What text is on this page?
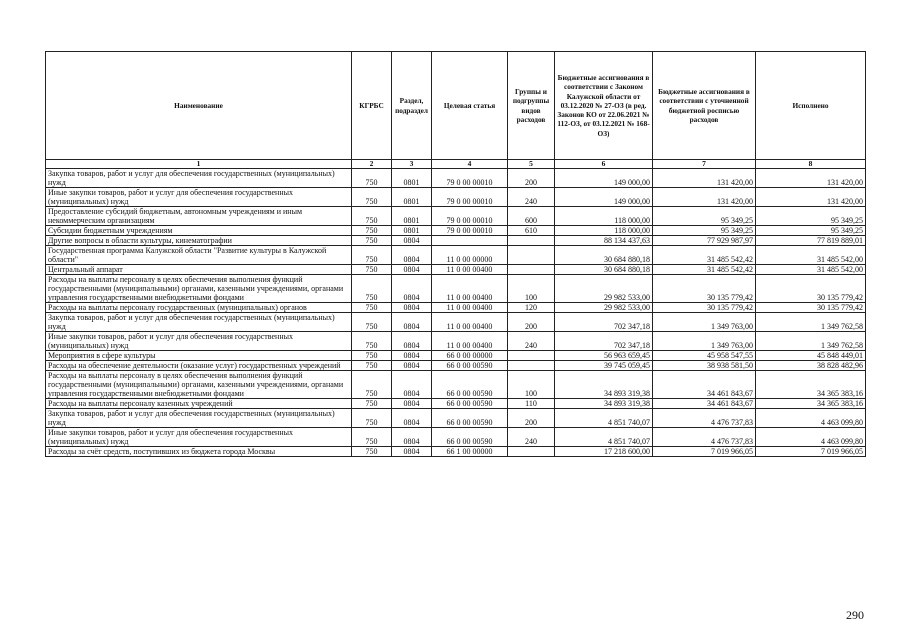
Наименование	КГРБС	Раздел, подраздел	Целевая статья	Группы и подгруппы видов расходов	Бюджетные ассигнования в соответствии с Законом Калужской области от 03.12.2020 № 27-ОЗ (в ред. Законов КО от 22.06.2021 № 112-ОЗ, от 03.12.2021 № 168-ОЗ)	Бюджетные ассигнования в соответствии с уточненной бюджетной росписью расходов	Исполнено
1	2	3	4	5	6	7	8
Закупка товаров, работ и услуг для обеспечения государственных (муниципальных) нужд	750	0801	79 0 00 00010	200	149 000,00	131 420,00	131 420,00
Иные закупки товаров, работ и услуг для обеспечения государственных (муниципальных) нужд	750	0801	79 0 00 00010	240	149 000,00	131 420,00	131 420,00
Предоставление субсидий бюджетным, автономным учреждениям и иным некоммерческим организациям	750	0801	79 0 00 00010	600	118 000,00	95 349,25	95 349,25
Субсидии бюджетным учреждениям	750	0801	79 0 00 00010	610	118 000,00	95 349,25	95 349,25
Другие вопросы в области культуры, кинематографии	750	0804			88 134 437,63	77 929 987,97	77 819 889,01
Государственная программа Калужской области "Развитие культуры в Калужской области"	750	0804	11 0 00 00000		30 684 880,18	31 485 542,42	31 485 542,00
Центральный аппарат	750	0804	11 0 00 00400		30 684 880,18	31 485 542,42	31 485 542,00
Расходы на выплаты персоналу в целях обеспечения выполнения функций государственными (муниципальными) органами, казенными учреждениями, органами управления государственными внебюджетными фондами	750	0804	11 0 00 00400	100	29 982 533,00	30 135 779,42	30 135 779,42
Расходы на выплаты персоналу государственных (муниципальных) органов	750	0804	11 0 00 00400	120	29 982 533,00	30 135 779,42	30 135 779,42
Закупка товаров, работ и услуг для обеспечения государственных (муниципальных) нужд	750	0804	11 0 00 00400	200	702 347,18	1 349 763,00	1 349 762,58
Иные закупки товаров, работ и услуг для обеспечения государственных (муниципальных) нужд	750	0804	11 0 00 00400	240	702 347,18	1 349 763,00	1 349 762,58
Мероприятия в сфере культуры	750	0804	66 0 00 00000		56 963 659,45	45 958 547,55	45 848 449,01
Расходы на обеспечение деятельности (оказание услуг) государственных учреждений	750	0804	66 0 00 00590		39 745 059,45	38 938 581,50	38 828 482,96
Расходы на выплаты персоналу в целях обеспечения выполнения функций государственными (муниципальными) органами, казенными учреждениями, органами управления государственными внебюджетными фондами	750	0804	66 0 00 00590	100	34 893 319,38	34 461 843,67	34 365 383,16
Расходы на выплаты персоналу казенных учреждений	750	0804	66 0 00 00590	110	34 893 319,38	34 461 843,67	34 365 383,16
Закупка товаров, работ и услуг для обеспечения государственных (муниципальных) нужд	750	0804	66 0 00 00590	200	4 851 740,07	4 476 737,83	4 463 099,80
Иные закупки товаров, работ и услуг для обеспечения государственных (муниципальных) нужд	750	0804	66 0 00 00590	240	4 851 740,07	4 476 737,83	4 463 099,80
Расходы за счёт средств, поступивших из бюджета города Москвы	750	0804	66 1 00 00000		17 218 600,00	7 019 966,05	7 019 966,05
290
